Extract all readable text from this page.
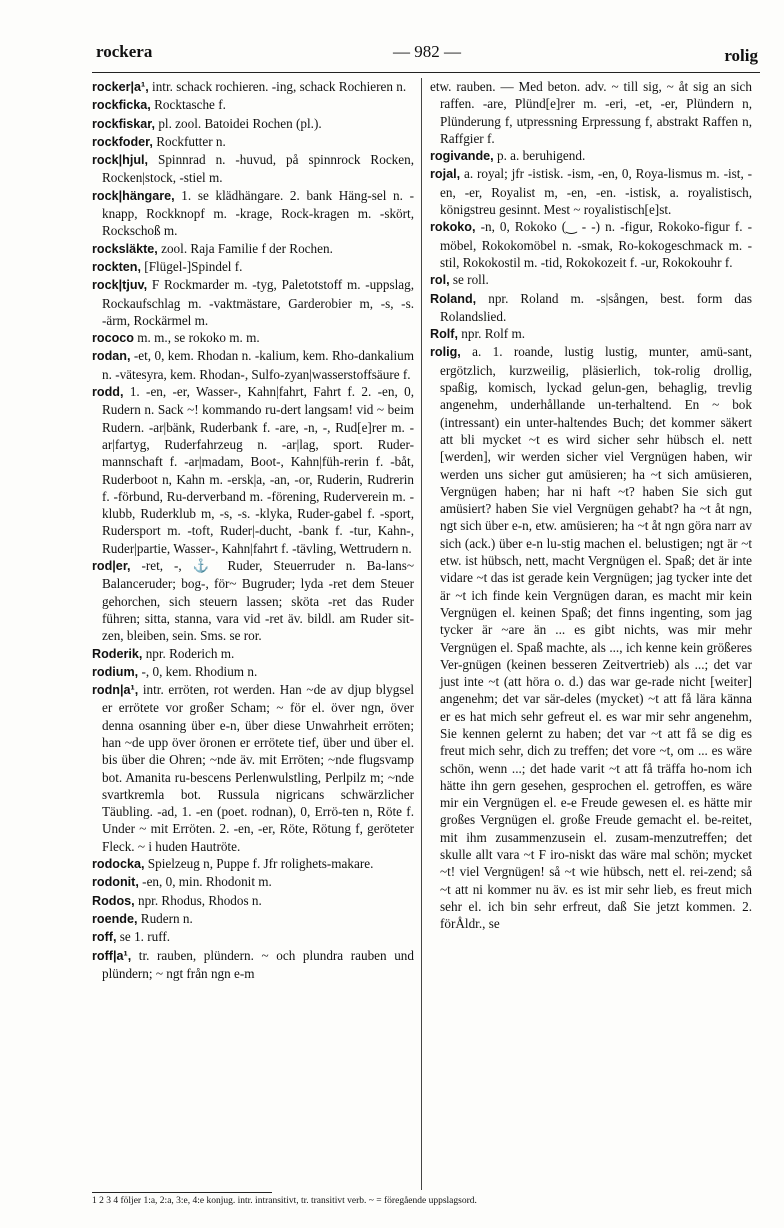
rockera	— 982 —	rolig

rocker|a¹, intr. schack rochieren. -ing, schack Rochieren n.

rockficka, Rocktasche f.

rockfiskar, pl. zool. Batoidei Rochen (pl.).

rockfoder, Rockfutter n.

rock|hjul, Spinnrad n. -huvud, på spinnrock Rocken, Rocken|stock, -stiel m.

rock|hängare, 1. se klädhängare. 2. bank Häng-sel n. -knapp, Rockknopf m. -krage, Rock-kragen m. -skört, Rockschoß m.

rocksläkte, zool. Raja Familie f der Rochen.

rockten, [Flügel-]Spindel f.

rock|tjuv, F Rockmarder m. -tyg, Paletotstoff m. -uppslag, Rockaufschlag m. -vaktmästare, Garderobier m, -s, -s. -ärm, Rockärmel m.

rococo m. m., se rokoko m. m.

rodan, -et, 0, kem. Rhodan n. -kalium, kem. Rho-dankalium n. -vätesyra, kem. Rhodan-, Sulfo-zyan|wasserstoffsäure f.

rodd, 1. -en, -er, Wasser-, Kahn|fahrt, Fahrt f. 2. -en, 0, Rudern n. Sack ~! kommando ru-dert langsam! vid ~ beim Rudern. -ar|bänk, Ruderbank f. -are, -n, -, Rud[e]rer m. -ar|fartyg, Ruderfahrzeug n. -ar|lag, sport. Ruder-mannschaft f. -ar|madam, Boot-, Kahn|füh-rerin f. -båt, Ruderboot n, Kahn m. -ersk|a, -an, -or, Ruderin, Rudrerin f. -förbund, Ru-derverband m. -förening, Ruderverein m. -klubb, Ruderklub m, -s, -s. -klyka, Ruder-gabel f. -sport, Rudersport m. -toft, Ruder|-ducht, -bank f. -tur, Kahn-, Ruder|partie, Wasser-, Kahn|fahrt f. -tävling, Wettrudern n.

rod|er, -ret, -, ⚓ Ruder, Steuerruder n. Ba-lans~ Balanceruder; bog-, för~ Bugruder; lyda -ret dem Steuer gehorchen, sich steuern lassen; sköta -ret das Ruder führen; sitta, stanna, vara vid -ret äv. bildl. am Ruder sit-zen, bleiben, sein. Sms. se ror.

Roderik, npr. Roderich m.

rodium, -, 0, kem. Rhodium n.

rodn|a¹, intr. erröten, rot werden. Han ~de av djup blygsel er errötete vor großer Scham; ~ för el. över ngn, över denna osanning über e-n, über diese Unwahrheit erröten; han ~de upp över öronen er errötete tief, über und über el. bis über die Ohren; ~nde äv. mit Erröten; ~nde flugsvamp bot. Amanita ru-bescens Perlenwulstling, Perlpilz m; ~nde svartkremla bot. Russula nigricans schwärzlicher Täubling. -ad, 1. -en (poet. rodnan), 0, Errö-ten n, Röte f. Under ~ mit Erröten. 2. -en, -er, Röte, Rötung f, geröteter Fleck. ~ i huden Hautröte.

rodocka, Spielzeug n, Puppe f. Jfr rolighets-makare.

rodonit, -en, 0, min. Rhodonit m.

Rodos, npr. Rhodus, Rhodos n.

roende, Rudern n.

roff, se 1. ruff.

roff|a¹, tr. rauben, plündern. ~ och plundra rauben und plündern; ~ ngt från ngn e-m

etw. rauben. — Med beton. adv. ~ till sig, ~ åt sig an sich raffen. -are, Plünd[e]rer m. -eri, -et, -er, Plündern n, Plünderung f, utpressning Erpressung f, abstrakt Raffen n, Raffgier f.

rogivande, p. a. beruhigend.

rojal, a. royal; jfr -istisk. -ism, -en, 0, Roya-lismus m. -ist, -en, -er, Royalist m, -en, -en. -istisk, a. royalistisch, königstreu gesinnt. Mest ~ royalistisch[e]st.

rokoko, -n, 0, Rokoko (‿ - -) n. -figur, Rokoko-figur f. -möbel, Rokokomöbel n. -smak, Ro-kokogeschmack m. -stil, Rokokostil m. -tid, Rokokozeit f. -ur, Rokokouhr f.

rol, se roll.

Roland, npr. Roland m. -s|sången, best. form das Rolandslied.

Rolf, npr. Rolf m.

rolig, a. 1. roande, lustig lustig, munter, amü-sant, ergötzlich, kurzweilig, pläsierlich, tok-rolig drollig, spaßig, komisch, lyckad gelun-gen, behaglig, trevlig angenehm, underhållande un-terhaltend. En ~ bok (intressant) ein unter-haltendes Buch; det kommer säkert att bli mycket ~t es wird sicher sehr hübsch el. nett [werden], wir werden sicher viel Vergnügen haben, wir werden uns sicher gut amüsieren; ha ~t sich amüsieren, Vergnügen haben; har ni haft ~t? haben Sie sich gut amüsiert? haben Sie viel Vergnügen gehabt? ha ~t åt ngn, ngt sich über e-n, etw. amüsieren; ha ~t åt ngn göra narr av sich (ack.) über e-n lu-stig machen el. belustigen; ngt är ~t etw. ist hübsch, nett, macht Vergnügen el. Spaß; det är inte vidare ~t das ist gerade kein Vergnügen; jag tycker inte det är ~t ich finde kein Vergnügen daran, es macht mir kein Vergnügen el. keinen Spaß; det finns ingenting, som jag tycker är ~are än ... es gibt nichts, was mir mehr Vergnügen el. Spaß machte, als ..., ich kenne kein größeres Ver-gnügen (keinen besseren Zeitvertrieb) als ...; det var just inte ~t (att höra o. d.) das war ge-rade nicht [weiter] angenehm; det var sär-deles (mycket) ~t att få lära känna er es hat mich sehr gefreut el. es war mir sehr angenehm, Sie kennen gelernt zu haben; det var ~t att få se dig es freut mich sehr, dich zu treffen; det vore ~t, om ... es wäre schön, wenn ...; det hade varit ~t att få träffa ho-nom ich hätte ihn gern gesehen, gesprochen el. getroffen, es wäre mir ein Vergnügen el. e-e Freude gewesen el. es hätte mir großes Vergnügen el. große Freude gemacht el. be-reitet, mit ihm zusammenzusein el. zusam-menzutreffen; det skulle allt vara ~t F iro-niskt das wäre mal schön; mycket ~t! viel Vergnügen! så ~t wie hübsch, nett el. rei-zend; så ~t att ni kommer nu äv. es ist mir sehr lieb, es freut mich sehr el. ich bin sehr erfreut, daß Sie jetzt kommen. 2. förÅldr., se

1 2 3 4 följer 1:a, 2:a, 3:e, 4:e konjug. intr. intransitivt, tr. transitivt verb. ~ = föregående uppslagsord.
